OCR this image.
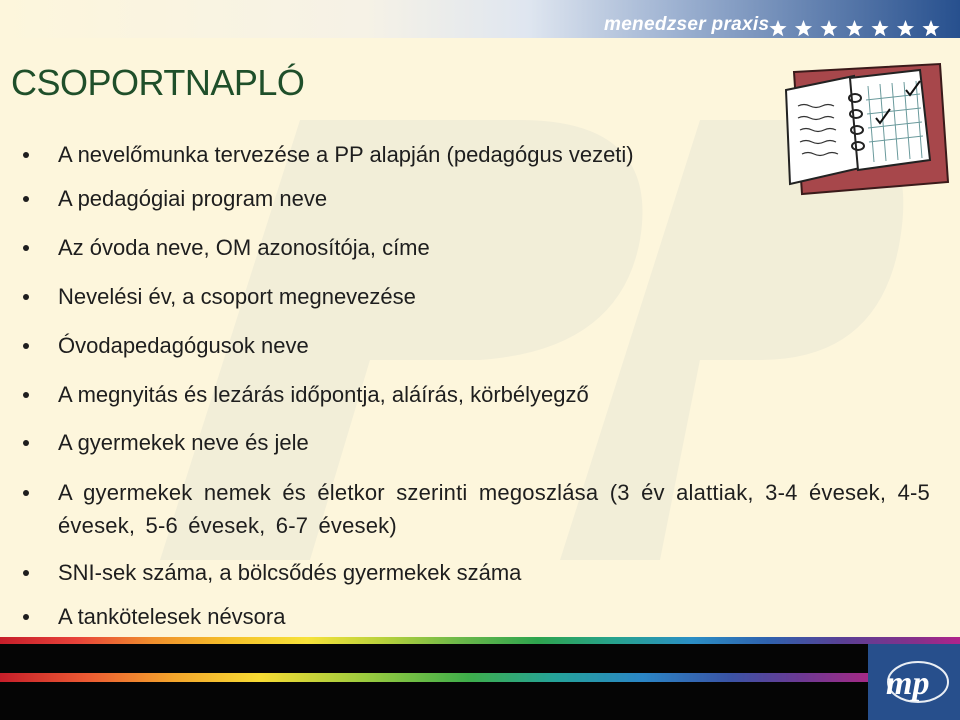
menedzser praxis
CSOPORTNAPLÓ
A nevelőmunka tervezése a PP alapján (pedagógus vezeti)
A pedagógiai program neve
Az óvoda neve, OM azonosítója, címe
Nevelési év, a csoport megnevezése
Óvodapedagógusok neve
A megnyitás és lezárás időpontja, aláírás, körbélyegző
A gyermekek neve és jele
A gyermekek nemek és életkor szerinti megoszlása (3 év alattiak, 3-4 évesek, 4-5 évesek, 5-6 évesek, 6-7 évesek)
SNI-sek száma, a bölcsődés gyermekek száma
A tankötelesek névsora
mp
